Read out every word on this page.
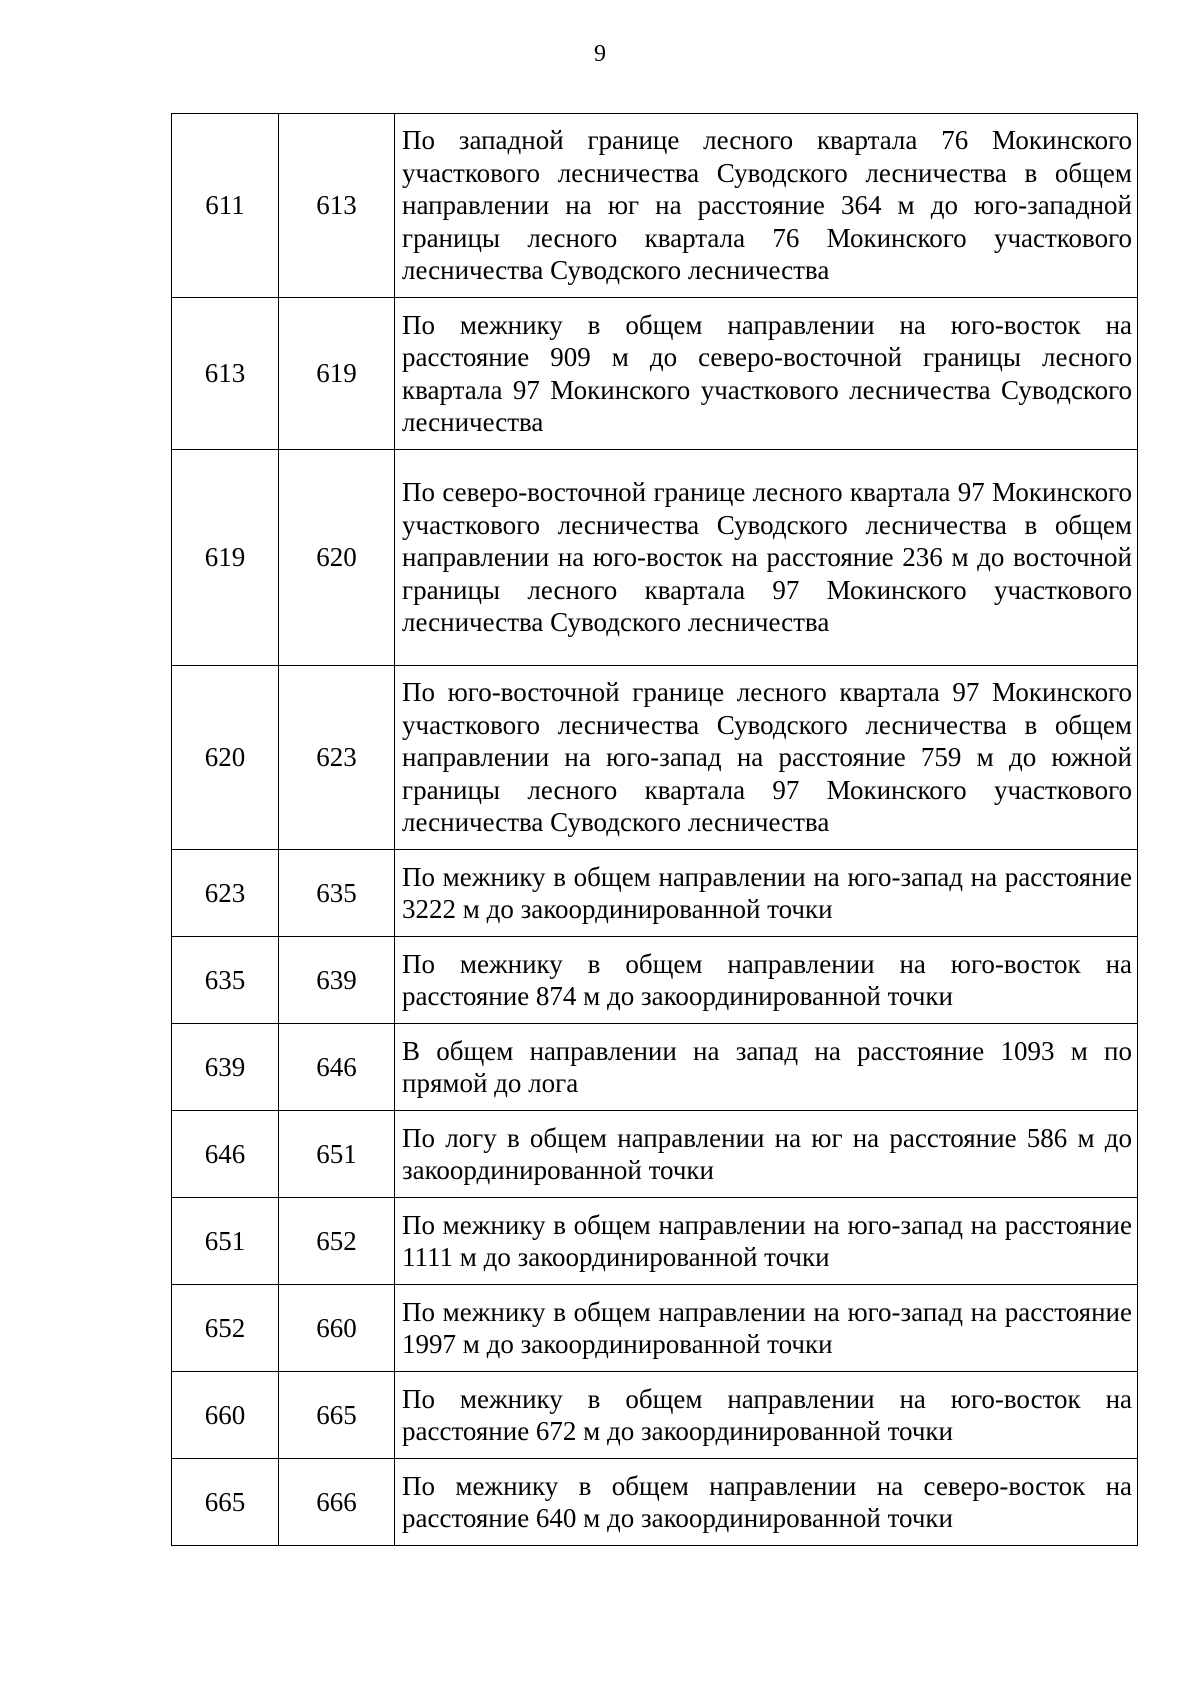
9
611	613	По западной границе лесного квартала 76 Мокинского участкового лесничества Суводского лесничества в общем направлении на юг на расстояние 364 м до юго-западной границы лесного квартала 76 Мокинского участкового лесничества Суводского лесничества
613	619	По межнику в общем направлении на юго-восток на расстояние 909 м до северо-восточной границы лесного квартала 97 Мокинского участкового лесничества Суводского лесничества
619	620	По северо-восточной границе лесного квартала 97 Мокинского участкового лесничества Суводского лесничества в общем направлении на юго-восток на расстояние 236 м до восточной границы лесного квартала 97 Мокинского участкового лесничества Суводского лесничества
620	623	По юго-восточной границе лесного квартала 97 Мокинского участкового лесничества Суводского лесничества в общем направлении на юго-запад на расстояние 759 м до южной границы лесного квартала 97 Мокинского участкового лесничества Суводского лесничества
623	635	По межнику в общем направлении на юго-запад на расстояние 3222 м до закоординированной точки
635	639	По межнику в общем направлении на юго-восток на расстояние 874 м до закоординированной точки
639	646	В общем направлении на запад на расстояние 1093 м по прямой до лога
646	651	По логу в общем направлении на юг на расстояние 586 м до закоординированной точки
651	652	По межнику в общем направлении на юго-запад на расстояние 1111 м до закоординированной точки
652	660	По межнику в общем направлении на юго-запад на расстояние 1997 м до закоординированной точки
660	665	По межнику в общем направлении на юго-восток на расстояние 672 м до закоординированной точки
665	666	По межнику в общем направлении на северо-восток на расстояние 640 м до закоординированной точки
